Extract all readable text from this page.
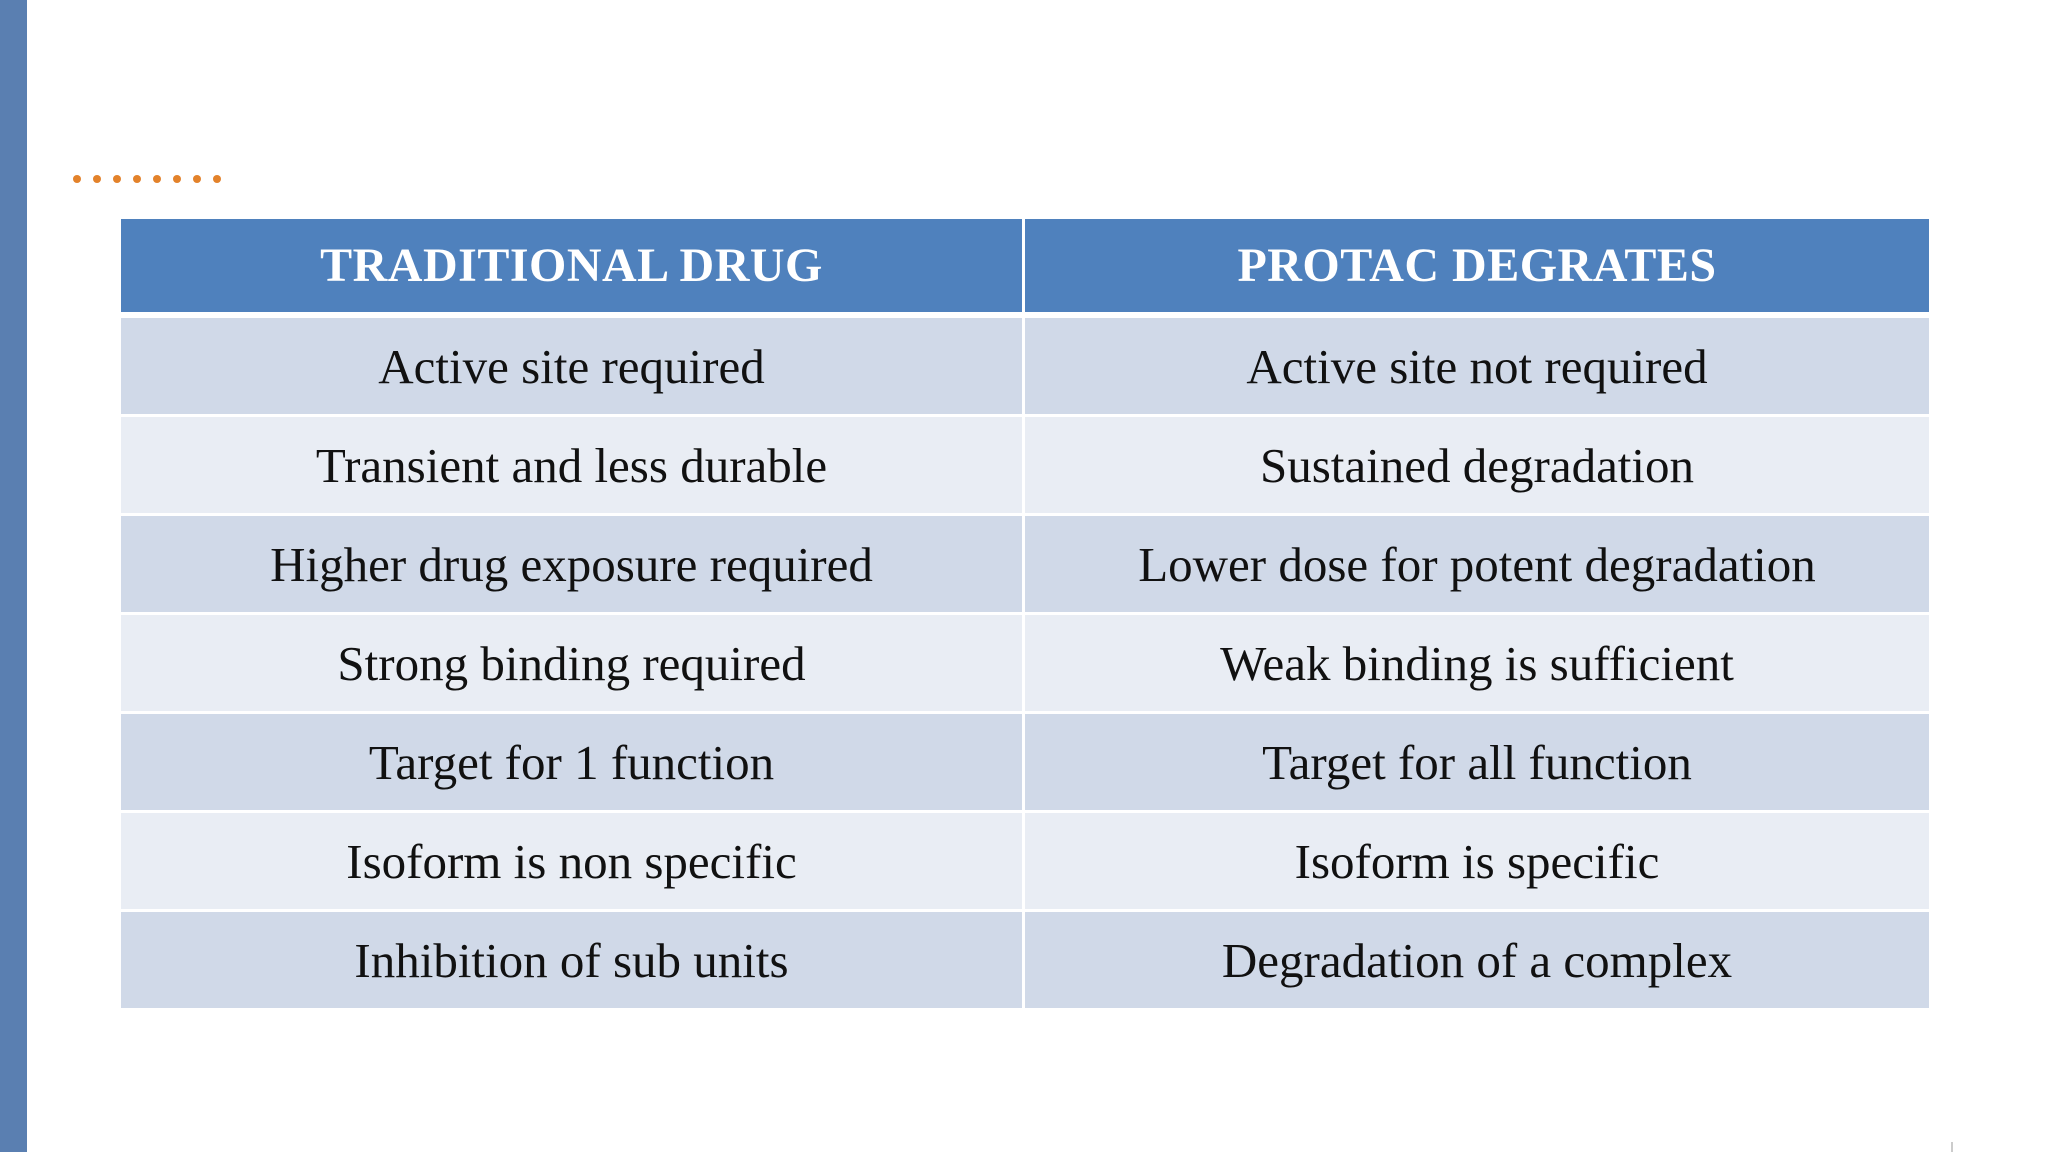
TRADITIONAL DRUG	PROTAC DEGRATES
Active site required	Active site not required
Transient and less durable	Sustained degradation
Higher drug exposure required	Lower dose for potent degradation
Strong binding required	Weak binding is sufficient
Target for 1 function	Target for all function
Isoform is non specific	Isoform is specific
Inhibition of sub units	Degradation of a complex
